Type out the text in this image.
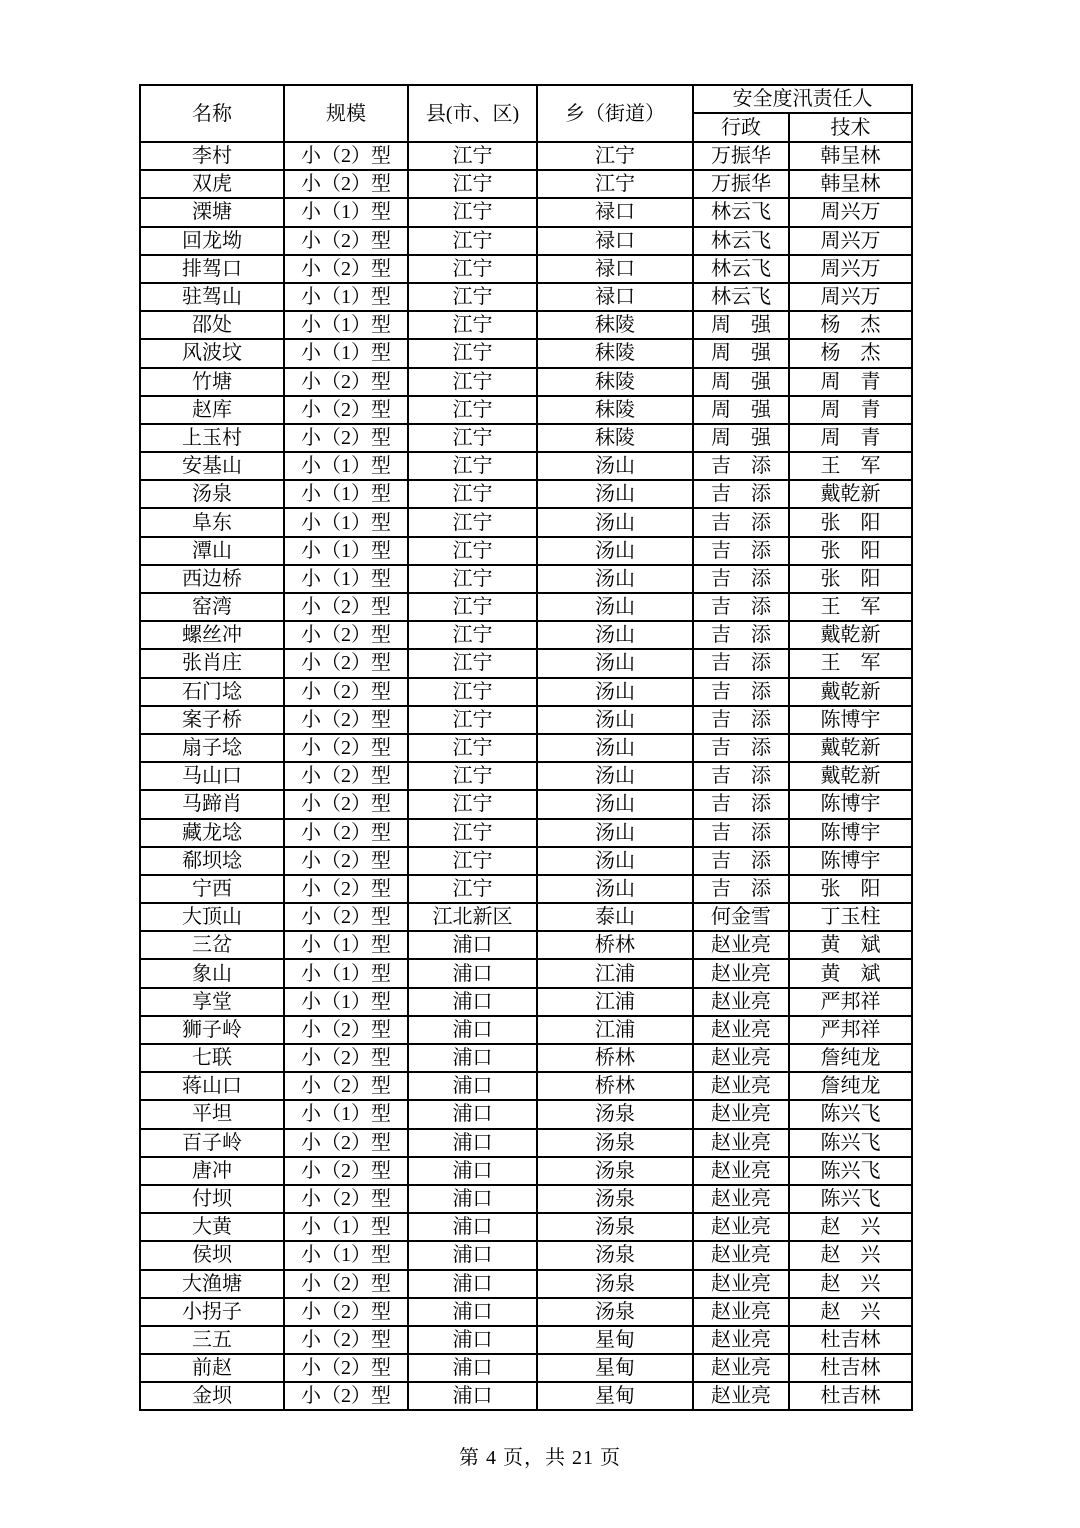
名称	规模	县(市、区)	乡（街道）	安全度汛责任人	
				行政	技术
李村	小（2）型	江宁	江宁	万振华	韩呈林
双虎	小（2）型	江宁	江宁	万振华	韩呈林
溧塘	小（1）型	江宁	禄口	林云飞	周兴万
回龙坳	小（2）型	江宁	禄口	林云飞	周兴万
排驾口	小（2）型	江宁	禄口	林云飞	周兴万
驻驾山	小（1）型	江宁	禄口	林云飞	周兴万
邵处	小（1）型	江宁	秣陵	周　强	杨　杰
风波坟	小（1）型	江宁	秣陵	周　强	杨　杰
竹塘	小（2）型	江宁	秣陵	周　强	周　青
赵库	小（2）型	江宁	秣陵	周　强	周　青
上玉村	小（2）型	江宁	秣陵	周　强	周　青
安基山	小（1）型	江宁	汤山	吉　添	王　军
汤泉	小（1）型	江宁	汤山	吉　添	戴乾新
阜东	小（1）型	江宁	汤山	吉　添	张　阳
潭山	小（1）型	江宁	汤山	吉　添	张　阳
西边桥	小（1）型	江宁	汤山	吉　添	张　阳
窑湾	小（2）型	江宁	汤山	吉　添	王　军
螺丝冲	小（2）型	江宁	汤山	吉　添	戴乾新
张肖庄	小（2）型	江宁	汤山	吉　添	王　军
石门埝	小（2）型	江宁	汤山	吉　添	戴乾新
案子桥	小（2）型	江宁	汤山	吉　添	陈博宇
扇子埝	小（2）型	江宁	汤山	吉　添	戴乾新
马山口	小（2）型	江宁	汤山	吉　添	戴乾新
马蹄肖	小（2）型	江宁	汤山	吉　添	陈博宇
藏龙埝	小（2）型	江宁	汤山	吉　添	陈博宇
郗坝埝	小（2）型	江宁	汤山	吉　添	陈博宇
宁西	小（2）型	江宁	汤山	吉　添	张　阳
大顶山	小（2）型	江北新区	泰山	何金雪	丁玉柱
三岔	小（1）型	浦口	桥林	赵业亮	黄　斌
象山	小（1）型	浦口	江浦	赵业亮	黄　斌
享堂	小（1）型	浦口	江浦	赵业亮	严邦祥
狮子岭	小（2）型	浦口	江浦	赵业亮	严邦祥
七联	小（2）型	浦口	桥林	赵业亮	詹纯龙
蒋山口	小（2）型	浦口	桥林	赵业亮	詹纯龙
平坦	小（1）型	浦口	汤泉	赵业亮	陈兴飞
百子岭	小（2）型	浦口	汤泉	赵业亮	陈兴飞
唐冲	小（2）型	浦口	汤泉	赵业亮	陈兴飞
付坝	小（2）型	浦口	汤泉	赵业亮	陈兴飞
大黄	小（1）型	浦口	汤泉	赵业亮	赵　兴
侯坝	小（1）型	浦口	汤泉	赵业亮	赵　兴
大渔塘	小（2）型	浦口	汤泉	赵业亮	赵　兴
小拐子	小（2）型	浦口	汤泉	赵业亮	赵　兴
三五	小（2）型	浦口	星甸	赵业亮	杜吉林
前赵	小（2）型	浦口	星甸	赵业亮	杜吉林
金坝	小（2）型	浦口	星甸	赵业亮	杜吉林
第 4 页，共 21 页
